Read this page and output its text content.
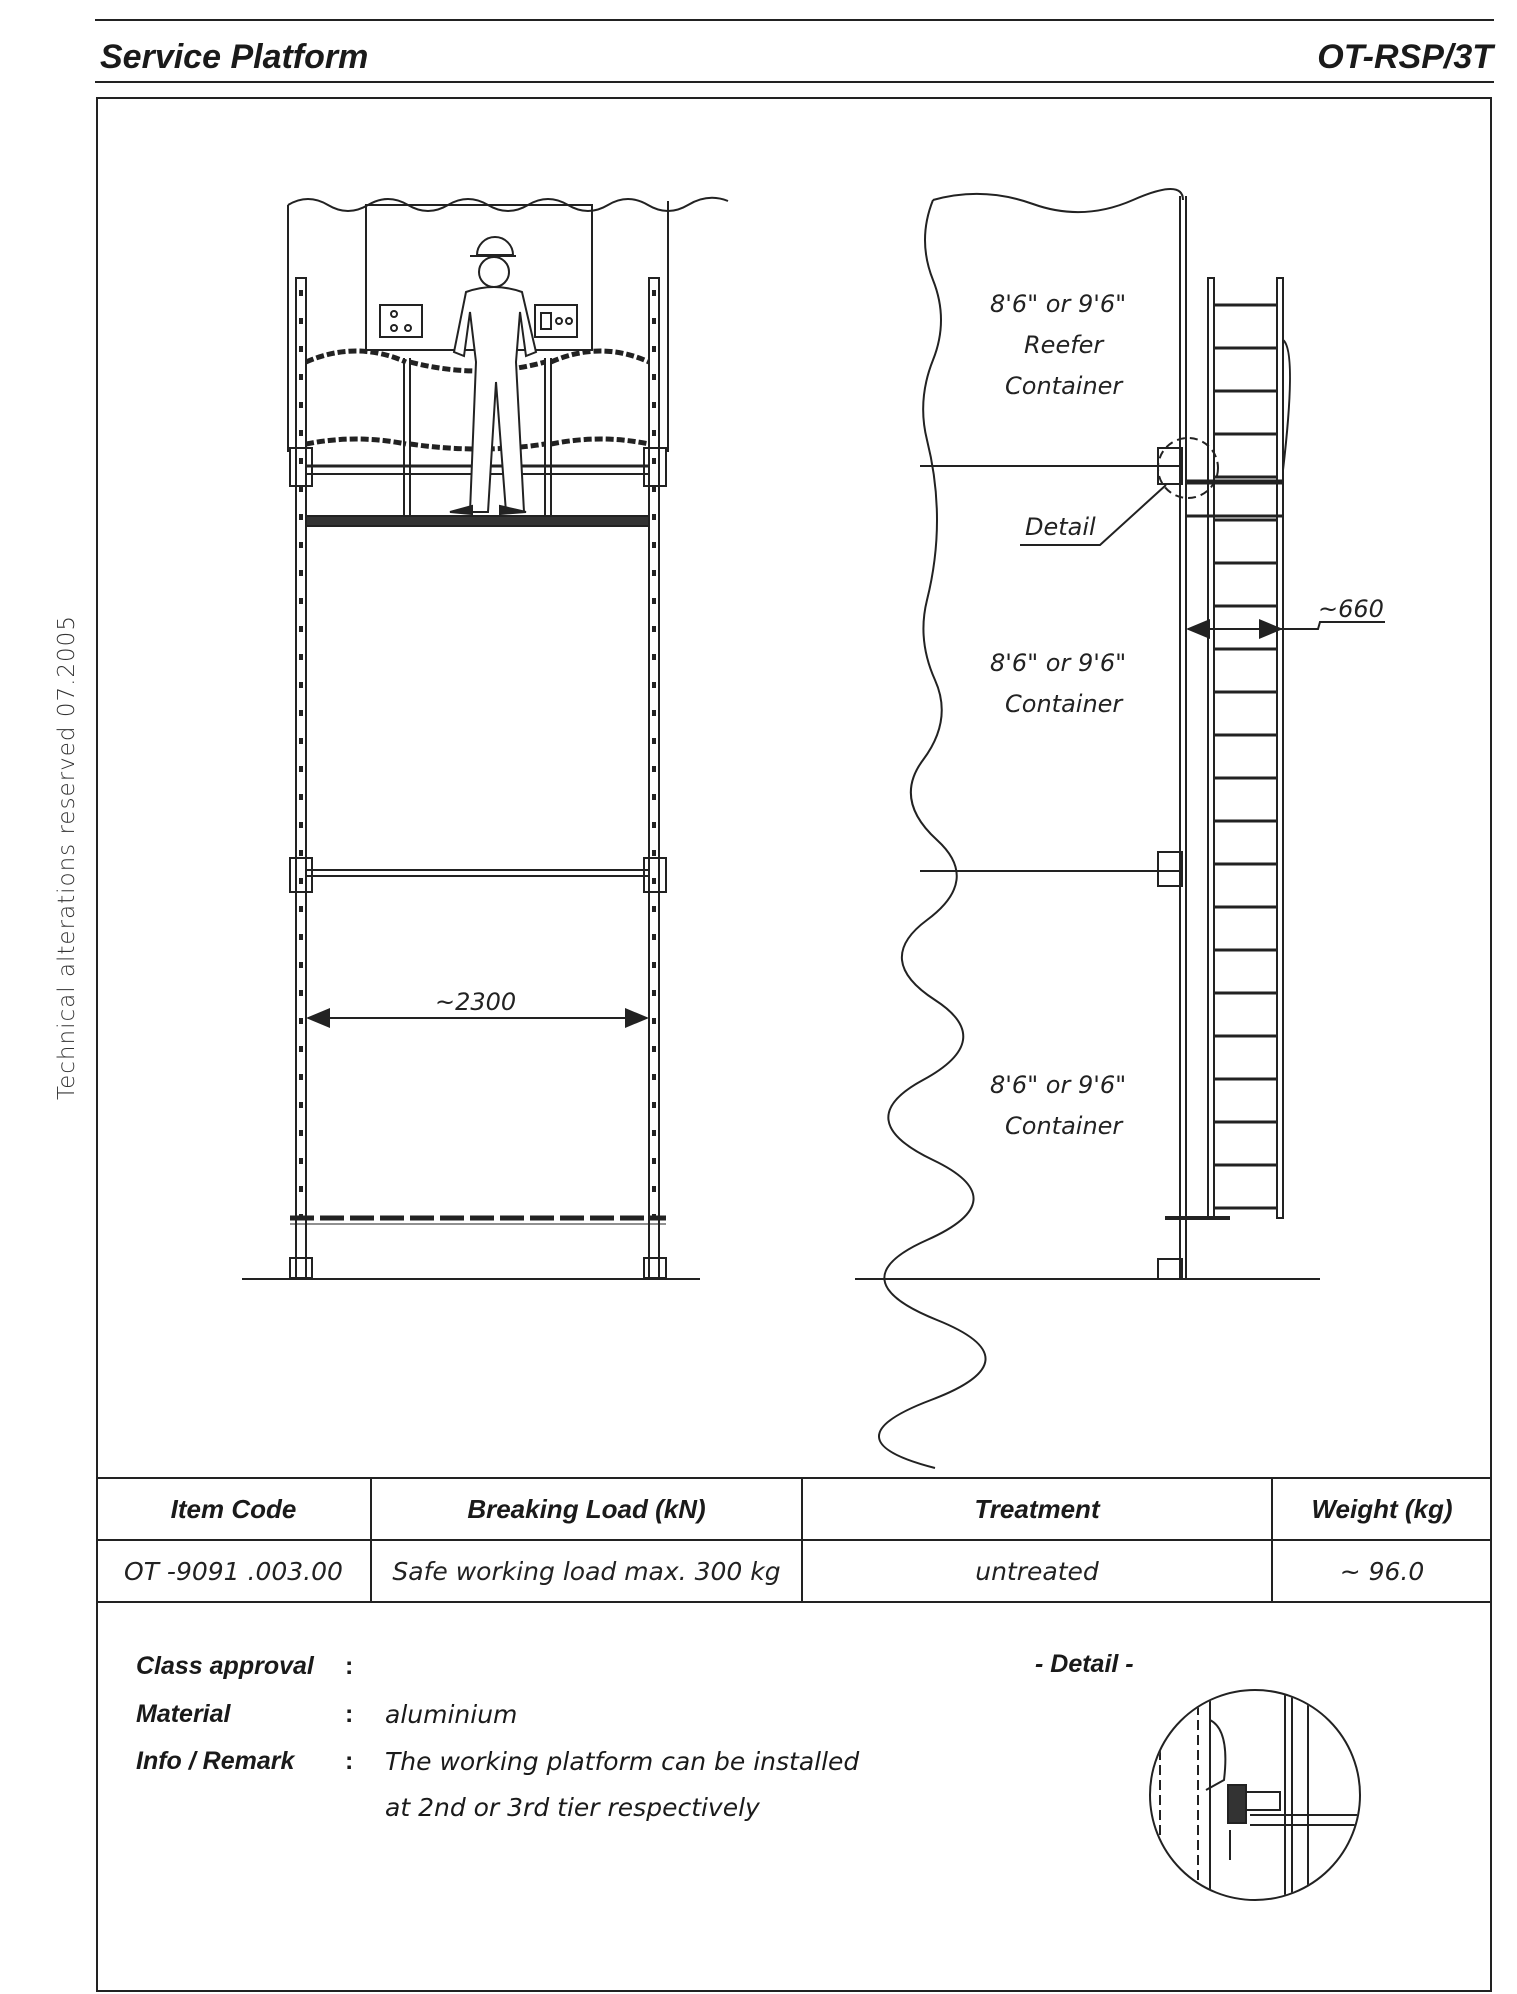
Service Platform	OT-RSP/3T
Technical alterations reserved 07.2005	~2300
~660
Detail
8'6" or 9'6"
Reefer
Container
8'6" or 9'6"
Container
8'6" or 9'6"
Container
Item Code	Breaking Load (kN)	Treatment	Weight (kg)
OT -9091 .003.00	Safe working load max. 300 kg	untreated	~ 96.0
Class approval :
Material	: aluminium
Info / Remark : The working platform can be installed
at 2nd or 3rd tier respectively
- Detail -
